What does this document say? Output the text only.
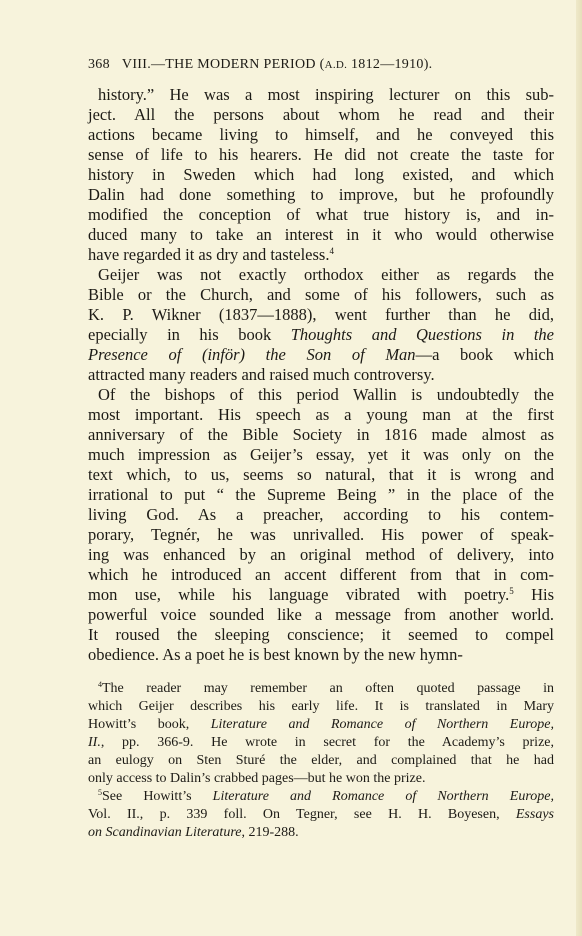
368 VIII.—THE MODERN PERIOD (A.D. 1812—1910).
history.” He was a most inspiring lecturer on this sub-
ject. All the persons about whom he read and their
actions became living to himself, and he conveyed this
sense of life to his hearers. He did not create the taste for
history in Sweden which had long existed, and which
Dalin had done something to improve, but he profoundly
modified the conception of what true history is, and in-
duced many to take an interest in it who would otherwise
have regarded it as dry and tasteless.$^4$
Geijer was not exactly orthodox either as regards the
Bible or the Church, and some of his followers, such as
K. P. Wikner (1837—1888), went further than he did,
epecially in his book Thoughts and Questions in the
Presence of (inför) the Son of Man—a book which
attracted many readers and raised much controversy.
Of the bishops of this period Wallin is undoubtedly the
most important. His speech as a young man at the first
anniversary of the Bible Society in 1816 made almost as
much impression as Geijer’s essay, yet it was only on the
text which, to us, seems so natural, that it is wrong and
irrational to put “ the Supreme Being ” in the place of the
living God. As a preacher, according to his contem-
porary, Tegnér, he was unrivalled. His power of speak-
ing was enhanced by an original method of delivery, into
which he introduced an accent different from that in com-
mon use, while his language vibrated with poetry.$^5$ His
powerful voice sounded like a message from another world.
It roused the sleeping conscience; it seemed to compel
obedience. As a poet he is best known by the new hymn-
$^4$The reader may remember an often quoted passage in
which Geijer describes his early life. It is translated in Mary
Howitt’s book, Literature and Romance of Northern Europe,
II., pp. 366-9. He wrote in secret for the Academy’s prize,
an eulogy on Sten Sturé the elder, and complained that he had
only access to Dalin’s crabbed pages—but he won the prize.
$^5$See Howitt’s Literature and Romance of Northern Europe,
Vol. II., p. 339 foll. On Tegner, see H. H. Boyesen, Essays
on Scandinavian Literature, 219-288.
